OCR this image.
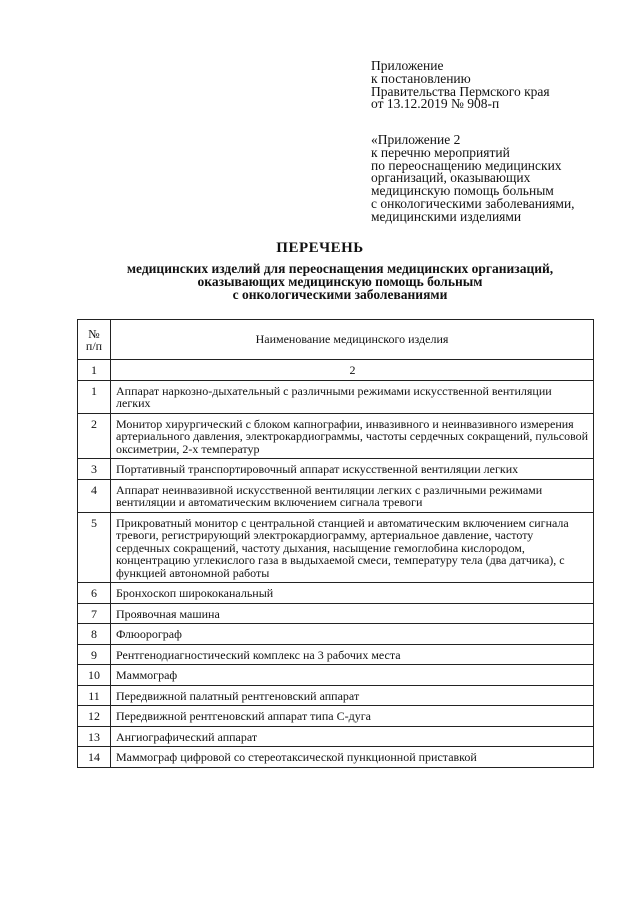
Приложение
к постановлению
Правительства Пермского края
от 13.12.2019 № 908-п
«Приложение 2
к перечню мероприятий
по переоснащению медицинских
организаций, оказывающих
медицинскую помощь больным
с онкологическими заболеваниями,
медицинскими изделиями
ПЕРЕЧЕНЬ
медицинских изделий для переоснащения медицинских организаций,
оказывающих медицинскую помощь больным
с онкологическими заболеваниями
№
п/п	Наименование медицинского изделия
1	2
1	Аппарат наркозно-дыхательный с различными режимами искусственной вентиляции легких
2	Монитор хирургический с блоком капнографии, инвазивного и неинвазивного измерения артериального давления, электрокардиограммы, частоты сердечных сокращений, пульсовой оксиметрии, 2-х температур
3	Портативный транспортировочный аппарат искусственной вентиляции легких
4	Аппарат неинвазивной искусственной вентиляции легких с различными режимами вентиляции и автоматическим включением сигнала тревоги
5	Прикроватный монитор с центральной станцией и автоматическим включением сигнала тревоги, регистрирующий электрокардиограмму, артериальное давление, частоту сердечных сокращений, частоту дыхания, насыщение гемоглобина кислородом, концентрацию углекислого газа в выдыхаемой смеси, температуру тела (два датчика), с функцией автономной работы
6	Бронхоскоп ширококанальный
7	Проявочная машина
8	Флюорограф
9	Рентгенодиагностический комплекс на 3 рабочих места
10	Маммограф
11	Передвижной палатный рентгеновский аппарат
12	Передвижной рентгеновский аппарат типа С-дуга
13	Ангиографический аппарат
14	Маммограф цифровой со стереотаксической пункционной приставкой
